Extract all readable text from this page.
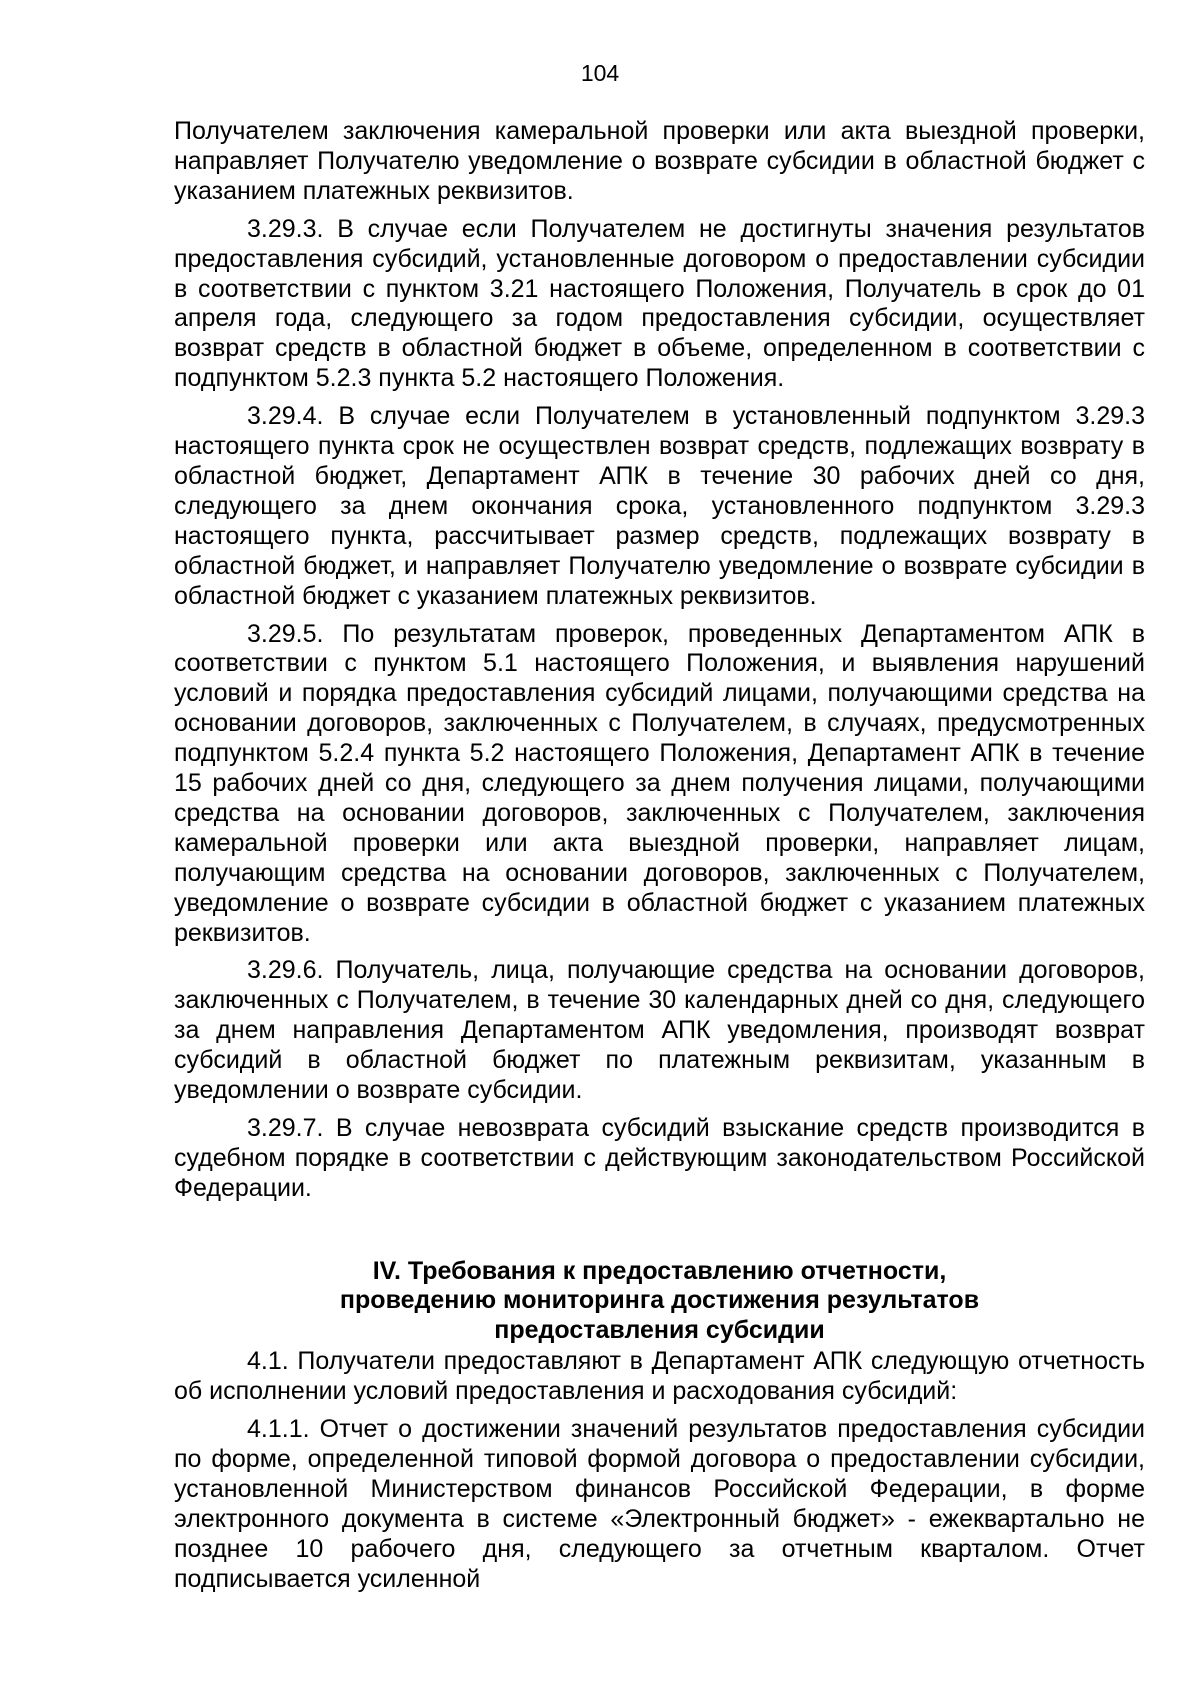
104

Получателем заключения камеральной проверки или акта выездной проверки, направляет Получателю уведомление о возврате субсидии в областной бюджет с указанием платежных реквизитов.

3.29.3. В случае если Получателем не достигнуты значения результатов предоставления субсидий, установленные договором о предоставлении субсидии в соответствии с пунктом 3.21 настоящего Положения, Получатель в срок до 01 апреля года, следующего за годом предоставления субсидии, осуществляет возврат средств в областной бюджет в объеме, определенном в соответствии с подпунктом 5.2.3 пункта 5.2 настоящего Положения.

3.29.4. В случае если Получателем в установленный подпунктом 3.29.3 настоящего пункта срок не осуществлен возврат средств, подлежащих возврату в областной бюджет, Департамент АПК в течение 30 рабочих дней со дня, следующего за днем окончания срока, установленного подпунктом 3.29.3 настоящего пункта, рассчитывает размер средств, подлежащих возврату в областной бюджет, и направляет Получателю уведомление о возврате субсидии в областной бюджет с указанием платежных реквизитов.

3.29.5. По результатам проверок, проведенных Департаментом АПК в соответствии с пунктом 5.1 настоящего Положения, и выявления нарушений условий и порядка предоставления субсидий лицами, получающими средства на основании договоров, заключенных с Получателем, в случаях, предусмотренных подпунктом 5.2.4 пункта 5.2 настоящего Положения, Департамент АПК в течение 15 рабочих дней со дня, следующего за днем получения лицами, получающими средства на основании договоров, заключенных с Получателем, заключения камеральной проверки или акта выездной проверки, направляет лицам, получающим средства на основании договоров, заключенных с Получателем, уведомление о возврате субсидии в областной бюджет с указанием платежных реквизитов.

3.29.6. Получатель, лица, получающие средства на основании договоров, заключенных с Получателем, в течение 30 календарных дней со дня, следующего за днем направления Департаментом АПК уведомления, производят возврат субсидий в областной бюджет по платежным реквизитам, указанным в уведомлении о возврате субсидии.

3.29.7. В случае невозврата субсидий взыскание средств производится в судебном порядке в соответствии с действующим законодательством Российской Федерации.

IV. Требования к предоставлению отчетности,
проведению мониторинга достижения результатов
предоставления субсидии

4.1. Получатели предоставляют в Департамент АПК следующую отчетность об исполнении условий предоставления и расходования субсидий:

4.1.1. Отчет о достижении значений результатов предоставления субсидии по форме, определенной типовой формой договора о предоставлении субсидии, установленной Министерством финансов Российской Федерации, в форме электронного документа в системе «Электронный бюджет» - ежеквартально не позднее 10 рабочего дня, следующего за отчетным кварталом. Отчет подписывается усиленной
